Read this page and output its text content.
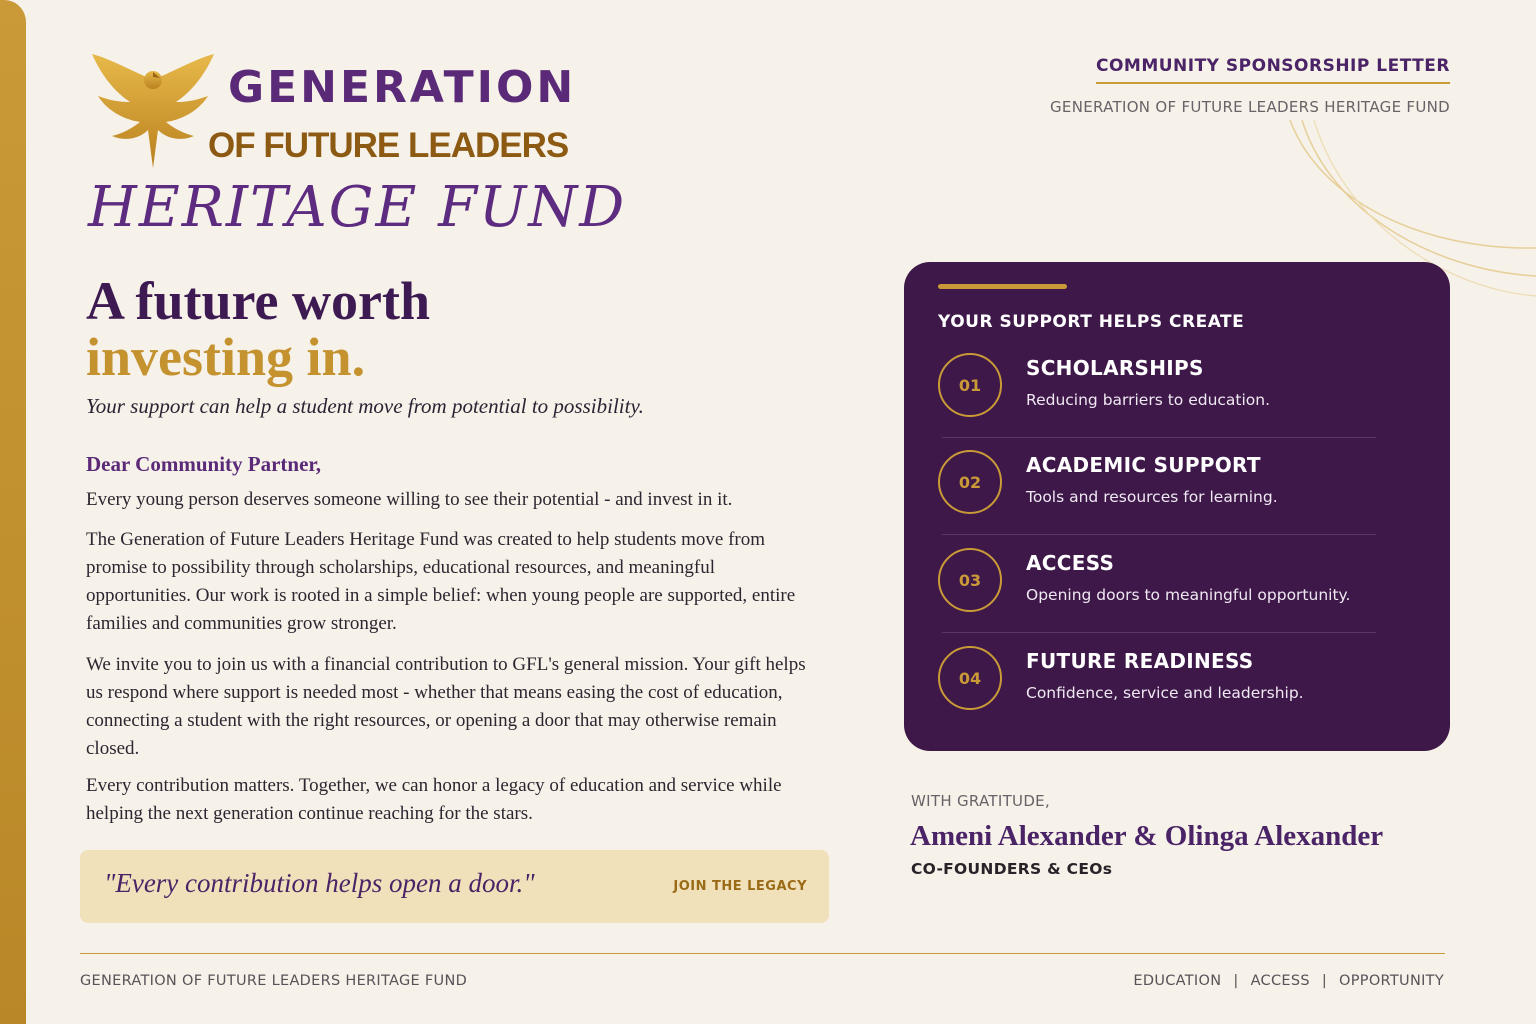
GENERATION
OF FUTURE LEADERS
HERITAGE FUND
COMMUNITY SPONSORSHIP LETTER
GENERATION OF FUTURE LEADERS HERITAGE FUND
A future worth
investing in.
Your support can help a student move from potential to possibility.
Dear Community Partner,

Every young person deserves someone willing to see their potential - and invest in it.

The Generation of Future Leaders Heritage Fund was created to help students move from promise to possibility through scholarships, educational resources, and meaningful opportunities. Our work is rooted in a simple belief: when young people are supported, entire families and communities grow stronger.

We invite you to join us with a financial contribution to GFL's general mission. Your gift helps us respond where support is needed most - whether that means easing the cost of education, connecting a student with the right resources, or opening a door that may otherwise remain closed.

Every contribution matters. Together, we can honor a legacy of education and service while helping the next generation continue reaching for the stars.

"Every contribution helps open a door."	JOIN THE LEGACY
YOUR SUPPORT HELPS CREATE
01
SCHOLARSHIPS
Reducing barriers to education.
02
ACADEMIC SUPPORT
Tools and resources for learning.
03
ACCESS
Opening doors to meaningful opportunity.
04
FUTURE READINESS
Confidence, service and leadership.
WITH GRATITUDE,
Ameni Alexander & Olinga Alexander
CO-FOUNDERS & CEOs
GENERATION OF FUTURE LEADERS HERITAGE FUND	EDUCATION | ACCESS | OPPORTUNITY
